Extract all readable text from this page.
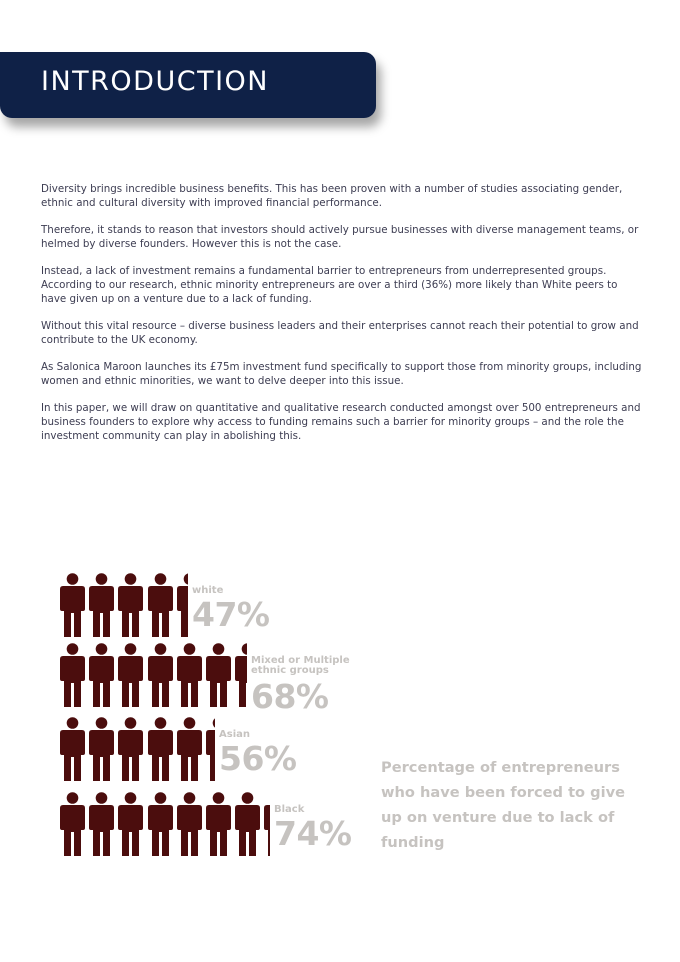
INTRODUCTION

Diversity brings incredible business benefits. This has been proven with a number of studies associating gender, ethnic and cultural diversity with improved financial performance.

Therefore, it stands to reason that investors should actively pursue businesses with diverse management teams, or helmed by diverse founders. However this is not the case.

Instead, a lack of investment remains a fundamental barrier to entrepreneurs from underrepresented groups. According to our research, ethnic minority entrepreneurs are over a third (36%) more likely than White peers to have given up on a venture due to a lack of funding.

Without this vital resource – diverse business leaders and their enterprises cannot reach their potential to grow and contribute to the UK economy.

As Salonica Maroon launches its £75m investment fund specifically to support those from minority groups, including women and ethnic minorities, we want to delve deeper into this issue.

In this paper, we will draw on quantitative and qualitative research conducted amongst over 500 entrepreneurs and business founders to explore why access to funding remains such a barrier for minority groups – and the role the investment community can play in abolishing this.

white
47%
Mixed or Multiple ethnic groups
68%
Asian
56%
Black
74%
Percentage of entrepreneurs who have been forced to give up on venture due to lack of funding
